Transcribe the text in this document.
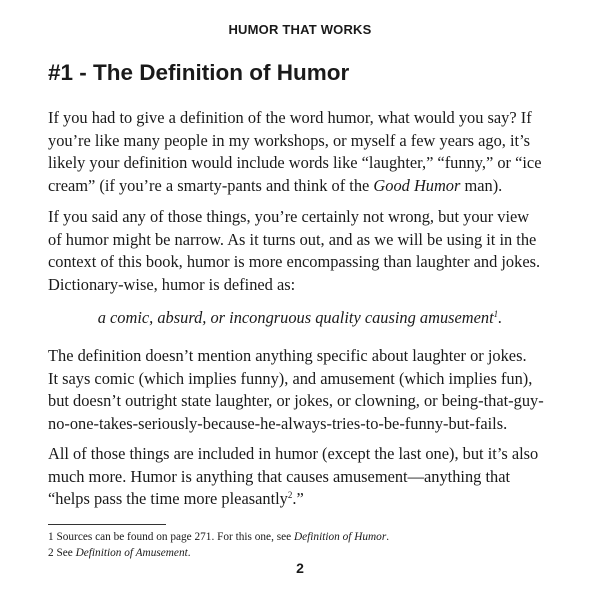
HUMOR THAT WORKS
#1 - The Definition of Humor

If you had to give a definition of the word humor, what would you say? If
you’re like many people in my workshops, or myself a few years ago, it’s
likely your definition would include words like “laughter,” “funny,” or “ice
cream” (if you’re a smarty-pants and think of the Good Humor man).

If you said any of those things, you’re certainly not wrong, but your view
of humor might be narrow. As it turns out, and as we will be using it in the
context of this book, humor is more encompassing than laughter and jokes.
Dictionary-wise, humor is defined as:

a comic, absurd, or incongruous quality causing amusement$^1$.

The definition doesn’t mention anything specific about laughter or jokes.
It says comic (which implies funny), and amusement (which implies fun),
but doesn’t outright state laughter, or jokes, or clowning, or being-that-guy-
no-one-takes-seriously-because-he-always-tries-to-be-funny-but-fails.

All of those things are included in humor (except the last one), but it’s also
much more. Humor is anything that causes amusement—anything that
“helps pass the time more pleasantly$^2$.”

1 Sources can be found on page 271. For this one, see Definition of Humor.
2 See Definition of Amusement.
2
